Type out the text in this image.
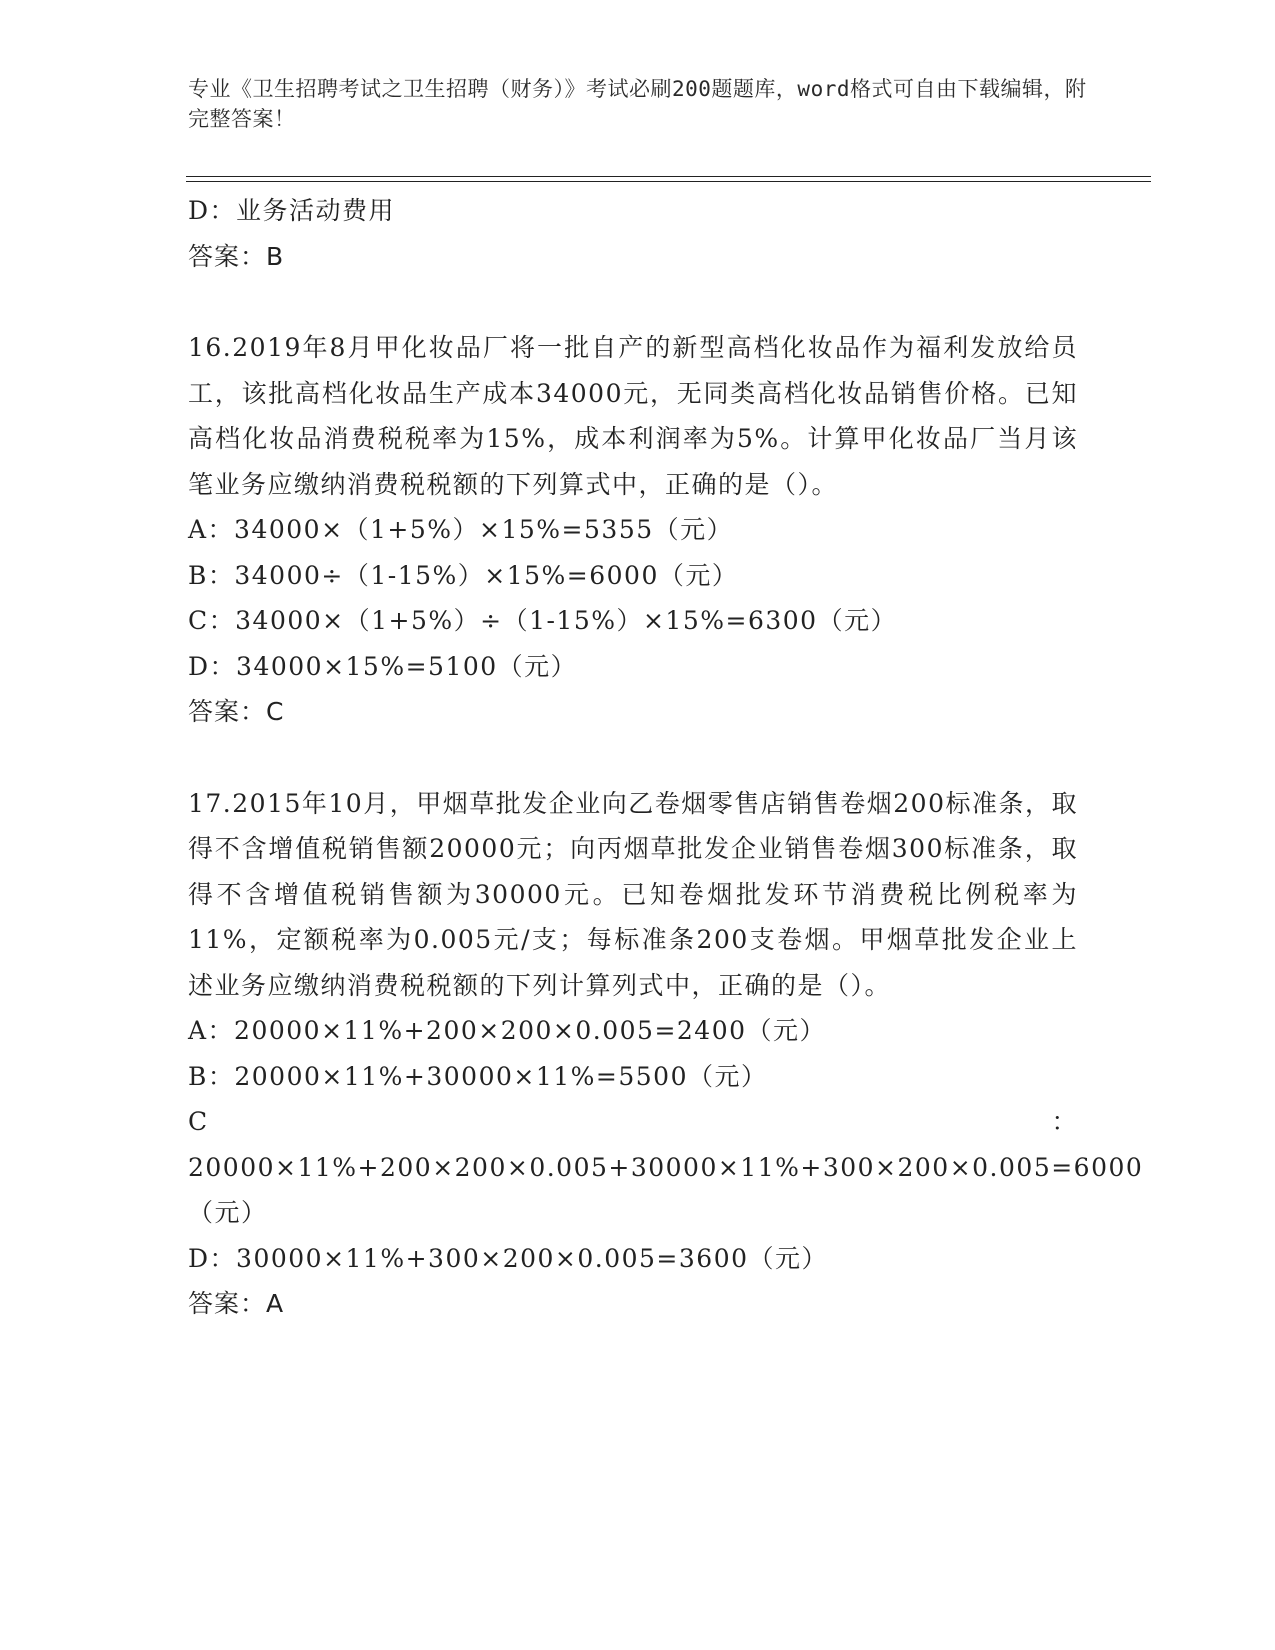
专业《卫生招聘考试之卫生招聘（财务）》考试必刷200题题库，word格式可自由下载编辑，附完整答案！
D：业务活动费用
答案：B
16.2019年8月甲化妆品厂将一批自产的新型高档化妆品作为福利发放给员工，该批高档化妆品生产成本34000元，无同类高档化妆品销售价格。已知高档化妆品消费税税率为15%，成本利润率为5%。计算甲化妆品厂当月该笔业务应缴纳消费税税额的下列算式中，正确的是（）。
A：34000×（1+5%）×15%=5355（元）
B：34000÷（1-15%）×15%=6000（元）
C：34000×（1+5%）÷（1-15%）×15%=6300（元）
D：34000×15%=5100（元）
答案：C
17.2015年10月，甲烟草批发企业向乙卷烟零售店销售卷烟200标准条，取得不含增值税销售额20000元；向丙烟草批发企业销售卷烟300标准条，取得不含增值税销售额为30000元。已知卷烟批发环节消费税比例税率为11%，定额税率为0.005元/支；每标准条200支卷烟。甲烟草批发企业上述业务应缴纳消费税税额的下列计算列式中，正确的是（）。
A：20000×11%+200×200×0.005=2400（元）
B：20000×11%+30000×11%=5500（元）
C：20000×11%+200×200×0.005+30000×11%+300×200×0.005=6000（元）
D：30000×11%+300×200×0.005=3600（元）
答案：A
